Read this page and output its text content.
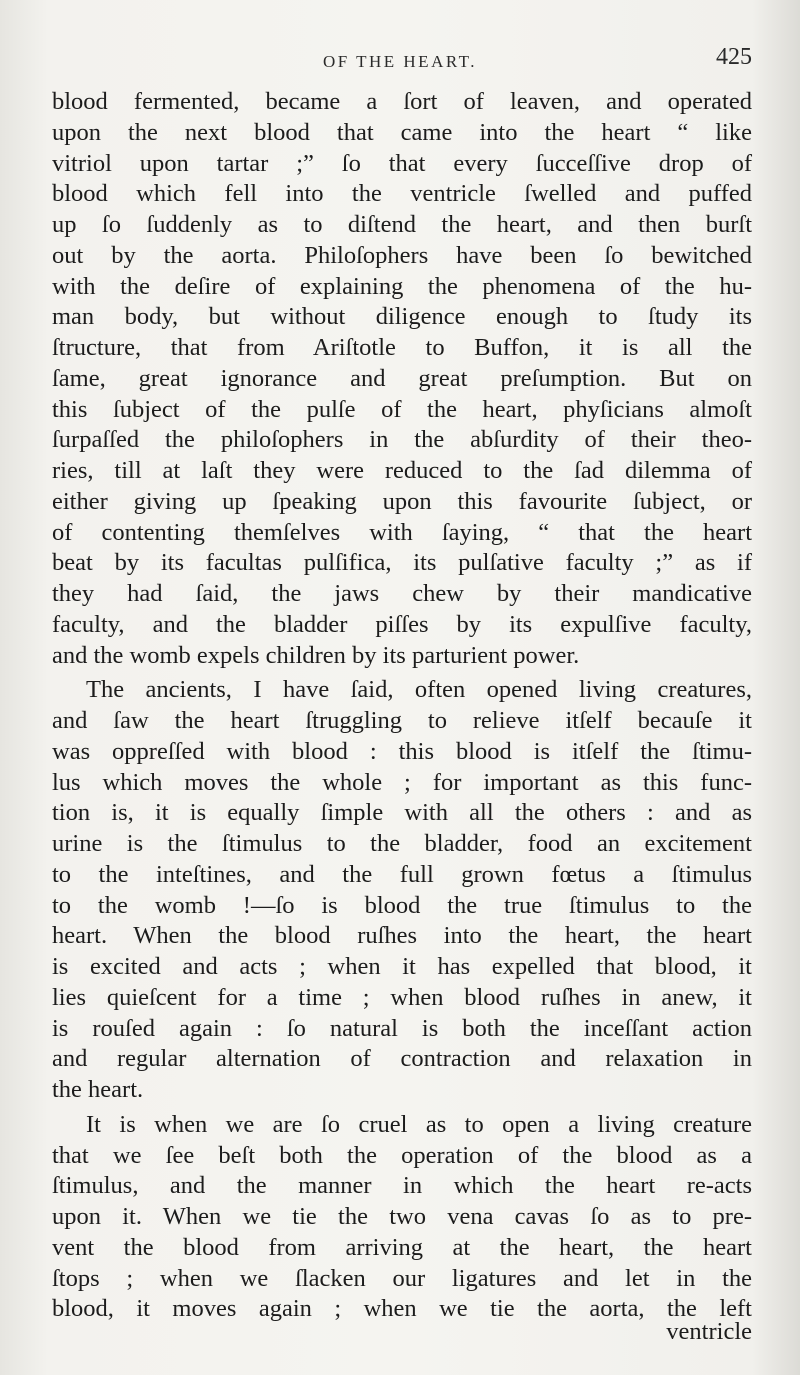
OF THE HEART.	425
blood fermented, became a ſort of leaven, and operated
upon the next blood that came into the heart “ like
vitriol upon tartar ;” ſo that every ſucceſſive drop of
blood which fell into the ventricle ſwelled and puffed
up ſo ſuddenly as to diſtend the heart, and then burſt
out by the aorta. Philoſophers have been ſo bewitched
with the deſire of explaining the phenomena of the hu-
man body, but without diligence enough to ſtudy its
ſtructure, that from Ariſtotle to Buffon, it is all the
ſame, great ignorance and great preſumption. But on
this ſubject of the pulſe of the heart, phyſicians almoſt
ſurpaſſed the philoſophers in the abſurdity of their theo-
ries, till at laſt they were reduced to the ſad dilemma of
either giving up ſpeaking upon this favourite ſubject, or
of contenting themſelves with ſaying, “ that the heart
beat by its facultas pulſifica, its pulſative faculty ;” as if
they had ſaid, the jaws chew by their mandicative
faculty, and the bladder piſſes by its expulſive faculty,
and the womb expels children by its parturient power.
The ancients, I have ſaid, often opened living creatures,
and ſaw the heart ſtruggling to relieve itſelf becauſe it
was oppreſſed with blood : this blood is itſelf the ſtimu-
lus which moves the whole ; for important as this func-
tion is, it is equally ſimple with all the others : and as
urine is the ſtimulus to the bladder, food an excitement
to the inteſtines, and the full grown fœtus a ſtimulus
to the womb !—ſo is blood the true ſtimulus to the
heart. When the blood ruſhes into the heart, the heart
is excited and acts ; when it has expelled that blood, it
lies quieſcent for a time ; when blood ruſhes in anew, it
is rouſed again : ſo natural is both the inceſſant action
and regular alternation of contraction and relaxation in
the heart.
It is when we are ſo cruel as to open a living creature
that we ſee beſt both the operation of the blood as a
ſtimulus, and the manner in which the heart re-acts
upon it. When we tie the two vena cavas ſo as to pre-
vent the blood from arriving at the heart, the heart
ſtops ; when we ſlacken our ligatures and let in the
blood, it moves again ; when we tie the aorta, the left
ventricle
